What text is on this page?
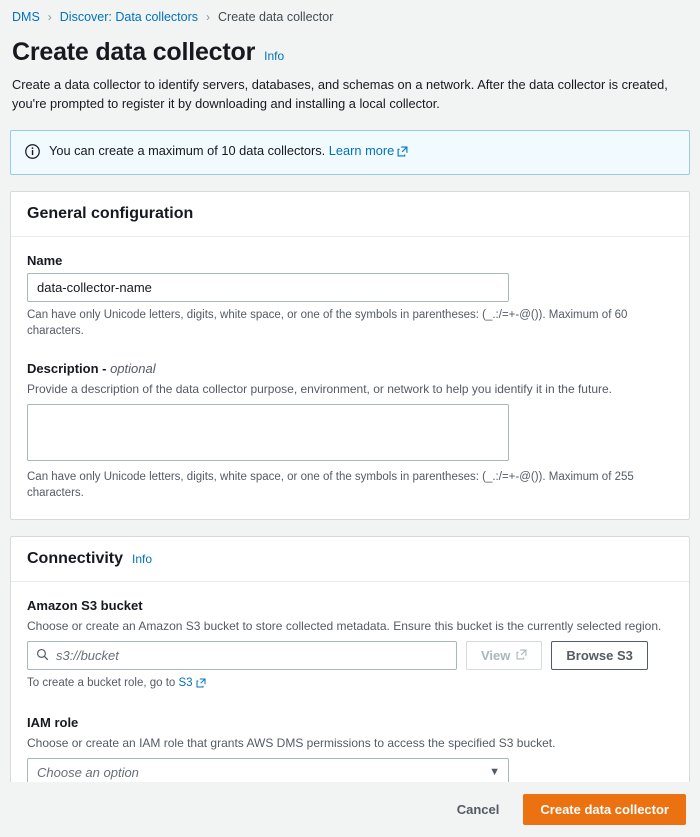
DMS › Discover: Data collectors › Create data collector
Create data collector Info
Create a data collector to identify servers, databases, and schemas on a network. After the data collector is created, you're prompted to register it by downloading and installing a local collector.
You can create a maximum of 10 data collectors. Learn more
General configuration
Name
data-collector-name
Can have only Unicode letters, digits, white space, or one of the symbols in parentheses: (_.:/=+-@()). Maximum of 60 characters.
Description - optional
Provide a description of the data collector purpose, environment, or network to help you identify it in the future.
Can have only Unicode letters, digits, white space, or one of the symbols in parentheses: (_.:/=+-@()). Maximum of 255 characters.
Connectivity Info
Amazon S3 bucket
Choose or create an Amazon S3 bucket to store collected metadata. Ensure this bucket is the currently selected region.
s3://bucket
View	Browse S3
To create a bucket role, go to S3
IAM role
Choose or create an IAM role that grants AWS DMS permissions to access the specified S3 bucket.
Choose an option	▼
Cancel	Create data collector
